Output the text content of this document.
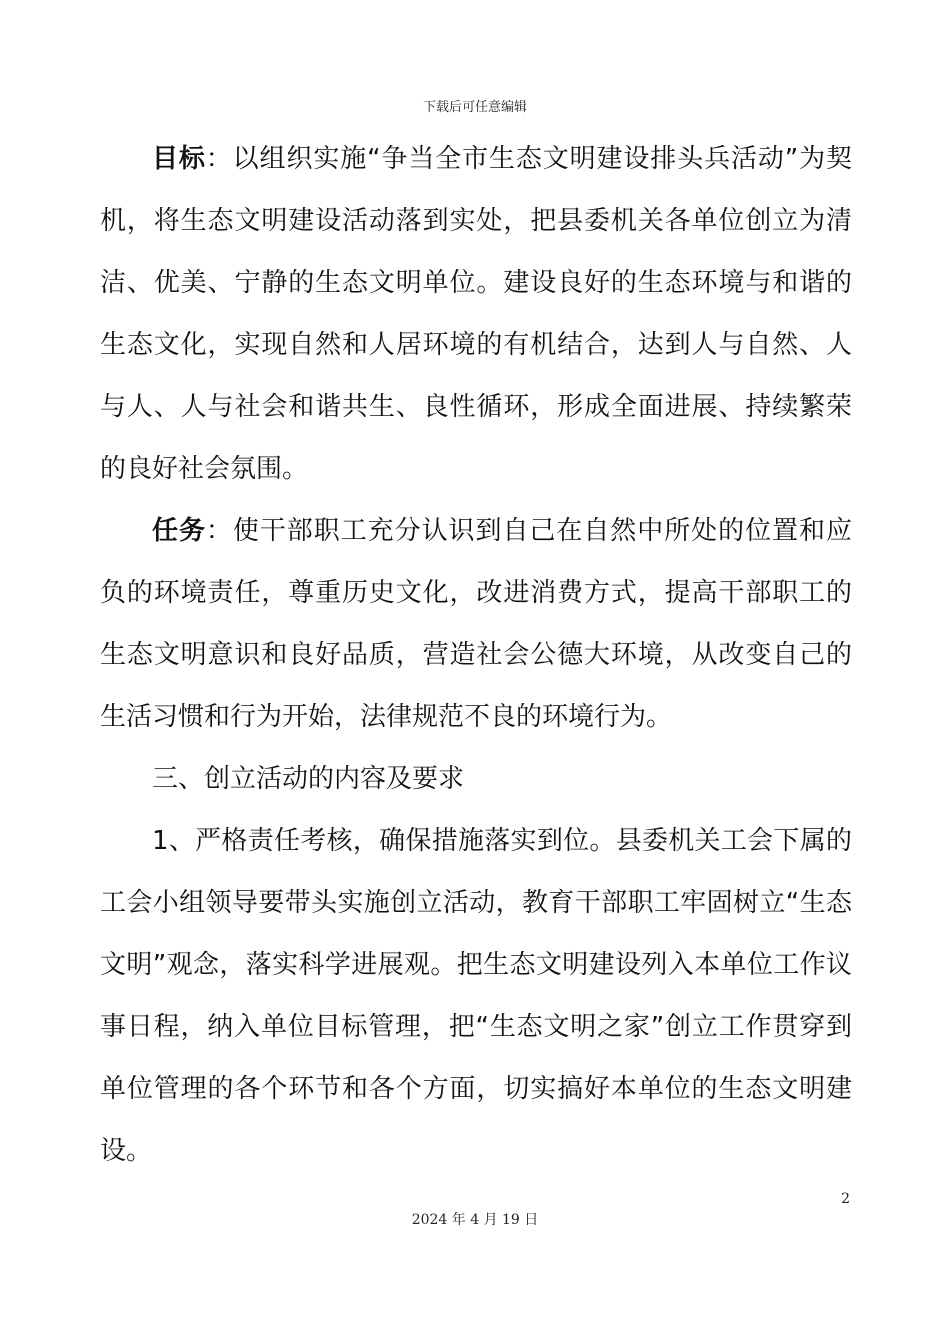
下载后可任意编辑

目标：以组织实施“争当全市生态文明建设排头兵活动”为契机，将生态文明建设活动落到实处，把县委机关各单位创立为清洁、优美、宁静的生态文明单位。建设良好的生态环境与和谐的生态文化，实现自然和人居环境的有机结合，达到人与自然、人与人、人与社会和谐共生、良性循环，形成全面进展、持续繁荣的良好社会氛围。

任务：使干部职工充分认识到自己在自然中所处的位置和应负的环境责任，尊重历史文化，改进消费方式，提高干部职工的生态文明意识和良好品质，营造社会公德大环境，从改变自己的生活习惯和行为开始，法律规范不良的环境行为。

三、创立活动的内容及要求

1、严格责任考核，确保措施落实到位。县委机关工会下属的工会小组领导要带头实施创立活动，教育干部职工牢固树立“生态文明”观念，落实科学进展观。把生态文明建设列入本单位工作议事日程，纳入单位目标管理，把“生态文明之家”创立工作贯穿到单位管理的各个环节和各个方面，切实搞好本单位的生态文明建设。

2
2024 年 4 月 19 日
